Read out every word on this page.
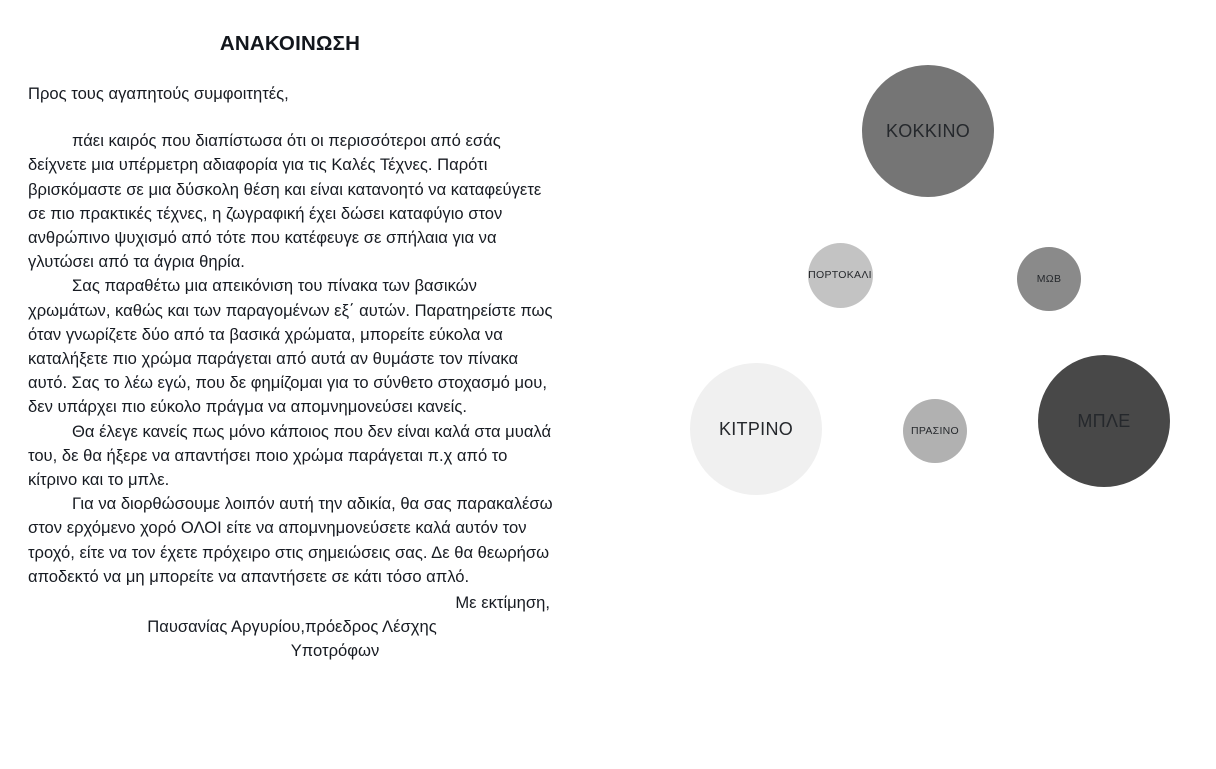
ΑΝΑΚΟΙΝΩΣΗ

Προς τους αγαπητούς συμφοιτητές,

πάει καιρός που διαπίστωσα ότι οι περισσότεροι από εσάς δείχνετε μια υπέρμετρη αδιαφορία για τις Καλές Τέχνες. Παρότι βρισκόμαστε σε μια δύσκολη θέση και είναι κατανοητό να καταφεύγετε σε πιο πρακτικές τέχνες, η ζωγραφική έχει δώσει καταφύγιο στον ανθρώπινο ψυχισμό από τότε που κατέφευγε σε σπήλαια για να γλυτώσει από τα άγρια θηρία.

Σας παραθέτω μια απεικόνιση του πίνακα των βασικών χρωμάτων, καθώς και των παραγομένων εξ΄ αυτών. Παρατηρείστε πως όταν γνωρίζετε δύο από τα βασικά χρώματα, μπορείτε εύκολα να καταλήξετε πιο χρώμα παράγεται από αυτά αν θυμάστε τον πίνακα αυτό. Σας το λέω εγώ, που δε φημίζομαι για το σύνθετο στοχασμό μου, δεν υπάρχει πιο εύκολο πράγμα να απομνημονεύσει κανείς.

Θα έλεγε κανείς πως μόνο κάποιος που δεν είναι καλά στα μυαλά του, δε θα ήξερε να απαντήσει ποιο χρώμα παράγεται π.χ από το κίτρινο και το μπλε.

Για να διορθώσουμε λοιπόν αυτή την αδικία, θα σας παρακαλέσω στον ερχόμενο χορό ΟΛΟΙ είτε να απομνημονεύσετε καλά αυτόν τον τροχό, είτε να τον έχετε πρόχειρο στις σημειώσεις σας. Δε θα θεωρήσω αποδεκτό να μη μπορείτε να απαντήσετε σε κάτι τόσο απλό.

Με εκτίμηση,
Παυσανίας Αργυρίου,πρόεδρος Λέσχης
Υποτρόφων
KOKKINO
ΠΟΡΤΟΚΑΛΙ	ΜΩΒ
ΚΙΤΡΙΝΟ	ΠΡΑΣΙΝΟ
ΜΠΛΕ
